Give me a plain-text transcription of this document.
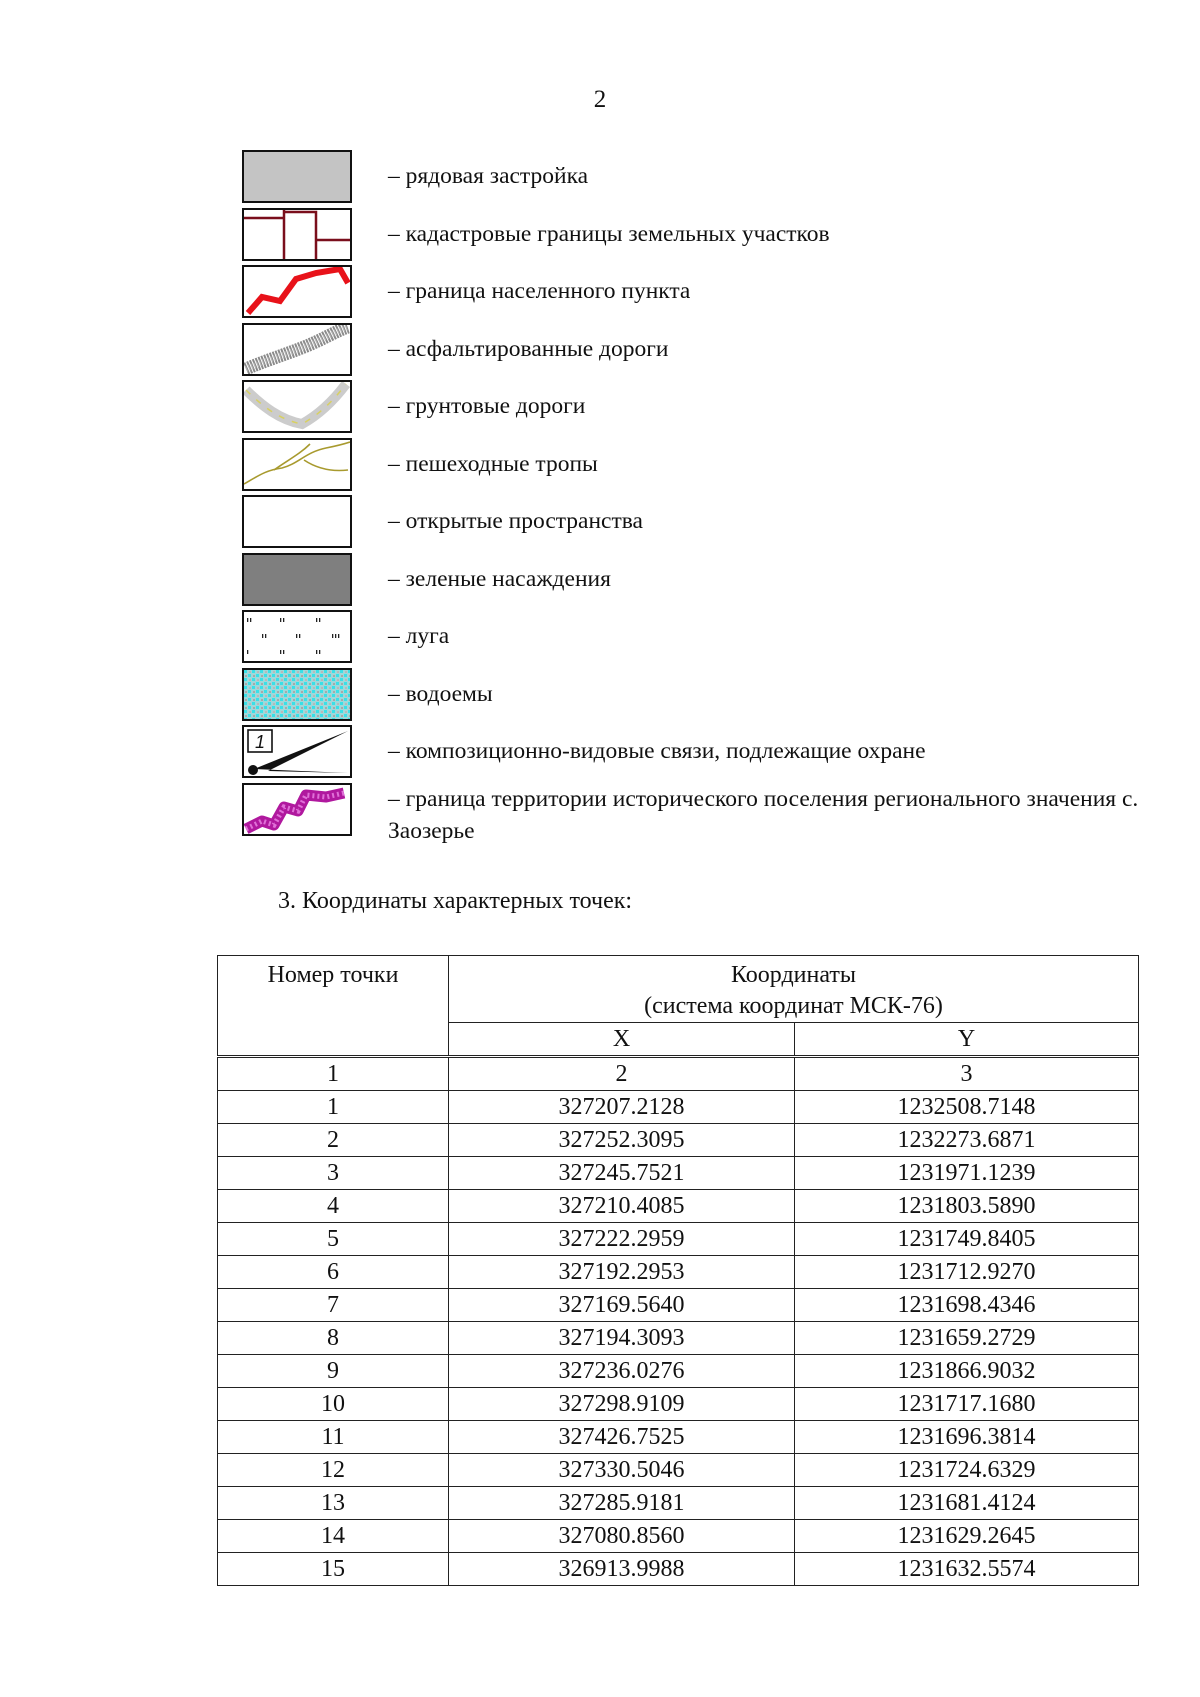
2
– рядовая застройка
– кадастровые границы земельных участков
– граница населенного пункта
– асфальтированные дороги
– грунтовые дороги
– пешеходные тропы
– открытые пространства
– зеленые насаждения
– луга
– водоемы
1	– композиционно-видовые связи, подлежащие охране
– граница территории исторического поселения регионального значения с. Заозерье
3. Координаты характерных точек:
Номер точки	Координаты
(система координат МСК-76)	

	X	Y
1	2	3
1	327207.2128	1232508.7148
2	327252.3095	1232273.6871
3	327245.7521	1231971.1239
4	327210.4085	1231803.5890
5	327222.2959	1231749.8405
6	327192.2953	1231712.9270
7	327169.5640	1231698.4346
8	327194.3093	1231659.2729
9	327236.0276	1231866.9032
10	327298.9109	1231717.1680
11	327426.7525	1231696.3814
12	327330.5046	1231724.6329
13	327285.9181	1231681.4124
14	327080.8560	1231629.2645
15	326913.9988	1231632.5574
